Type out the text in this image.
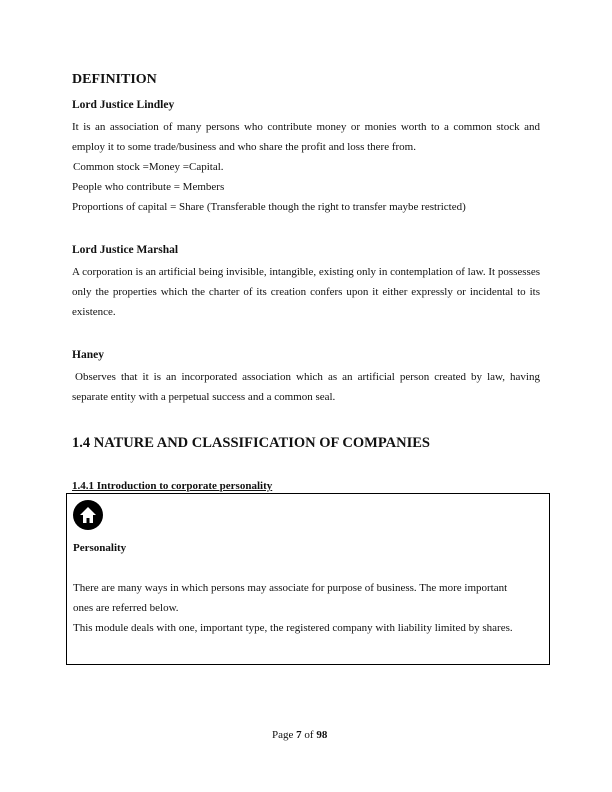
DEFINITION
Lord Justice Lindley
It is an association of many persons who contribute money or monies worth to a common stock and employ it to some trade/business and who share the profit and loss there from.
Common stock =Money =Capital.
People who contribute = Members
Proportions of capital = Share (Transferable though the right to transfer maybe restricted)
Lord Justice Marshal
A corporation is an artificial being invisible, intangible, existing only in contemplation of law. It possesses only the properties which the charter of its creation confers upon it either expressly or incidental to its existence.
Haney
Observes that it is an incorporated association which as an artificial person created by law, having separate entity with a perpetual success and a common seal.
1.4 NATURE AND CLASSIFICATION OF COMPANIES
1.4.1 Introduction to corporate personality
Personality
There are many ways in which persons may associate for purpose of business. The more important ones are referred below.
This module deals with one, important type, the registered company with liability limited by shares.
Page 7 of 98
